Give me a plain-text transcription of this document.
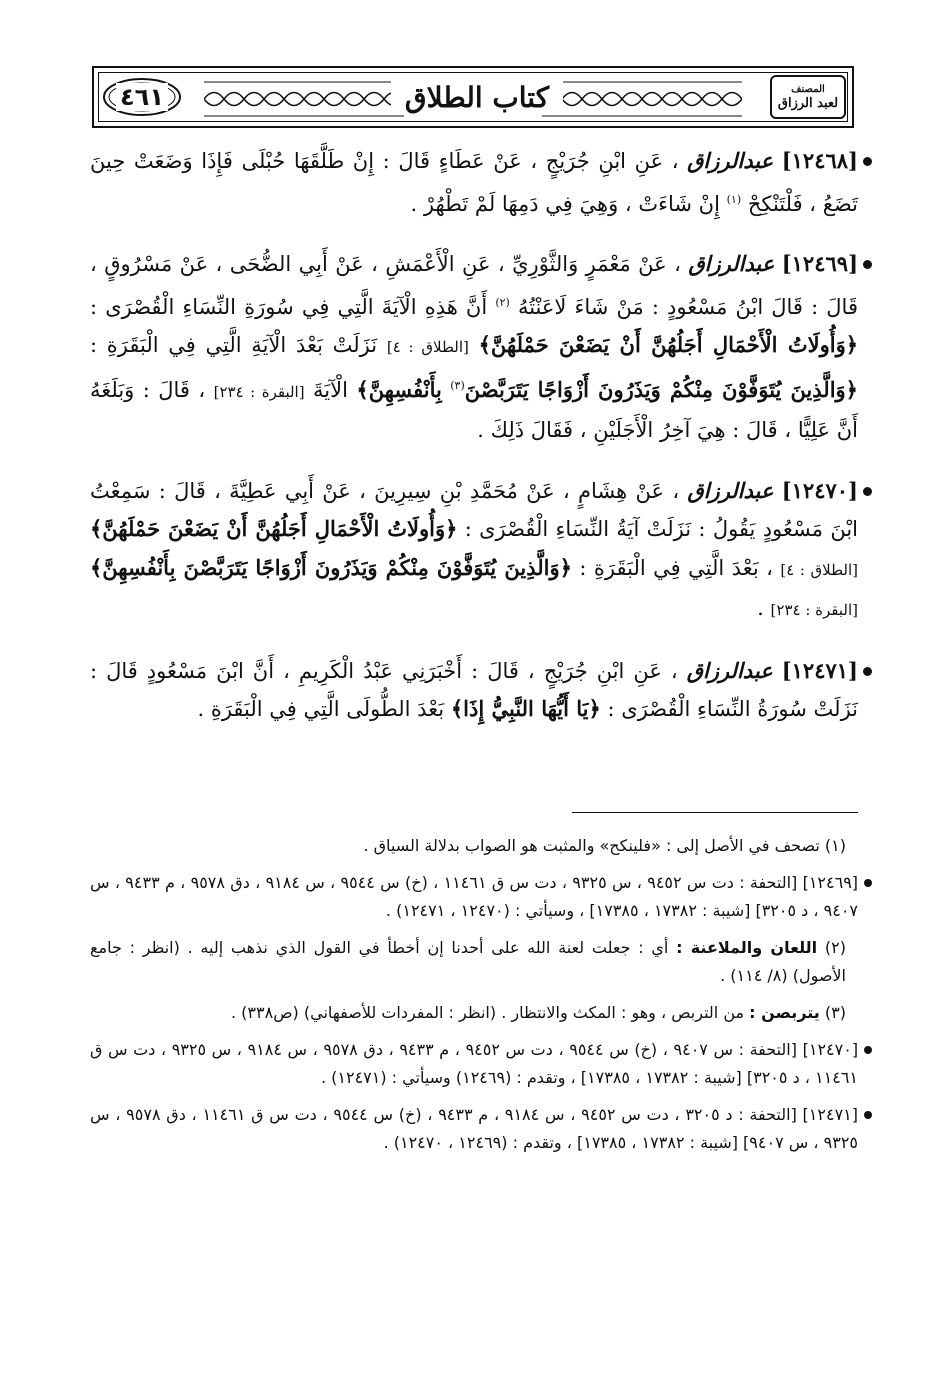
٤٦١	كتاب الطلاق	المصنف
لعبد الرزاق

[١٢٤٦٨] عبدالرزاق ، عَنِ ابْنِ جُرَيْجٍ ، عَنْ عَطَاءٍ قَالَ : إِنْ طَلَّقَهَا حُبْلَى فَإِذَا وَضَعَتْ حِينَ تَضَعُ ، فَلْتَنْكِحْ $^{(١)}$ إِنْ شَاءَتْ ، وَهِيَ فِي دَمِهَا لَمْ تَطْهُرْ .

[١٢٤٦٩] عبدالرزاق ، عَنْ مَعْمَرٍ وَالثَّوْرِيِّ ، عَنِ الْأَعْمَشِ ، عَنْ أَبِي الضُّحَى ، عَنْ مَسْرُوقٍ ، قَالَ : قَالَ ابْنُ مَسْعُودٍ : مَنْ شَاءَ لَاعَنْتُهُ $^{(٢)}$ أَنَّ هَذِهِ الْآيَةَ الَّتِي فِي سُورَةِ النِّسَاءِ الْقُصْرَى : ﴿وَأُولَاتُ الْأَحْمَالِ أَجَلُهُنَّ أَنْ يَضَعْنَ حَمْلَهُنَّ﴾ [الطلاق : ٤] نَزَلَتْ بَعْدَ الْآيَةِ الَّتِي فِي الْبَقَرَةِ : ﴿وَالَّذِينَ يُتَوَفَّوْنَ مِنْكُمْ وَيَذَرُونَ أَزْوَاجًا يَتَرَبَّصْنَ$^{(٣)}$ بِأَنْفُسِهِنَّ﴾ الْآيَةَ [البقرة : ٢٣٤] ، قَالَ : وَبَلَغَهُ أَنَّ عَلِيًّا ، قَالَ : هِيَ آخِرُ الْأَجَلَيْنِ ، فَقَالَ ذَلِكَ .

[١٢٤٧٠] عبدالرزاق ، عَنْ هِشَامٍ ، عَنْ مُحَمَّدِ بْنِ سِيرِينَ ، عَنْ أَبِي عَطِيَّةَ ، قَالَ : سَمِعْتُ ابْنَ مَسْعُودٍ يَقُولُ : نَزَلَتْ آيَةُ النِّسَاءِ الْقُصْرَى : ﴿وَأُولَاتُ الْأَحْمَالِ أَجَلُهُنَّ أَنْ يَضَعْنَ حَمْلَهُنَّ﴾ [الطلاق : ٤] ، بَعْدَ الَّتِي فِي الْبَقَرَةِ : ﴿وَالَّذِينَ يُتَوَفَّوْنَ مِنْكُمْ وَيَذَرُونَ أَزْوَاجًا يَتَرَبَّصْنَ بِأَنْفُسِهِنَّ﴾ [البقرة : ٢٣٤] .

[١٢٤٧١] عبدالرزاق ، عَنِ ابْنِ جُرَيْجٍ ، قَالَ : أَخْبَرَنِي عَبْدُ الْكَرِيمِ ، أَنَّ ابْنَ مَسْعُودٍ قَالَ : نَزَلَتْ سُورَةُ النِّسَاءِ الْقُصْرَى : ﴿يَا أَيُّهَا النَّبِيُّ إِذَا﴾ بَعْدَ الطُّولَى الَّتِي فِي الْبَقَرَةِ .

(١) تصحف في الأصل إلى : «فلينكح» والمثبت هو الصواب بدلالة السياق .

[١٢٤٦٩] [التحفة : دت س ٩٤٥٢ ، س ٩٣٢٥ ، دت س ق ١١٤٦١ ، (خ) س ٩٥٤٤ ، س ٩١٨٤ ، دق ٩٥٧٨ ، م ٩٤٣٣ ، س ٩٤٠٧ ، د ٣٢٠٥] [شيبة : ١٧٣٨٢ ، ١٧٣٨٥] ، وسيأتي : (١٢٤٧٠ ، ١٢٤٧١) .

(٢) اللعان والملاعنة : أي : جعلت لعنة الله على أحدنا إن أخطأ في القول الذي نذهب إليه . (انظر : جامع الأصول) (٨/ ١١٤) .

(٣) يتربصن : من التربص ، وهو : المكث والانتظار . (انظر : المفردات للأصفهاني) (ص٣٣٨) .

[١٢٤٧٠] [التحفة : س ٩٤٠٧ ، (خ) س ٩٥٤٤ ، دت س ٩٤٥٢ ، م ٩٤٣٣ ، دق ٩٥٧٨ ، س ٩١٨٤ ، س ٩٣٢٥ ، دت س ق ١١٤٦١ ، د ٣٢٠٥] [شيبة : ١٧٣٨٢ ، ١٧٣٨٥] ، وتقدم : (١٢٤٦٩) وسيأتي : (١٢٤٧١) .

[١٢٤٧١] [التحفة : د ٣٢٠٥ ، دت س ٩٤٥٢ ، س ٩١٨٤ ، م ٩٤٣٣ ، (خ) س ٩٥٤٤ ، دت س ق ١١٤٦١ ، دق ٩٥٧٨ ، س ٩٣٢٥ ، س ٩٤٠٧] [شيبة : ١٧٣٨٢ ، ١٧٣٨٥] ، وتقدم : (١٢٤٦٩ ، ١٢٤٧٠) .
